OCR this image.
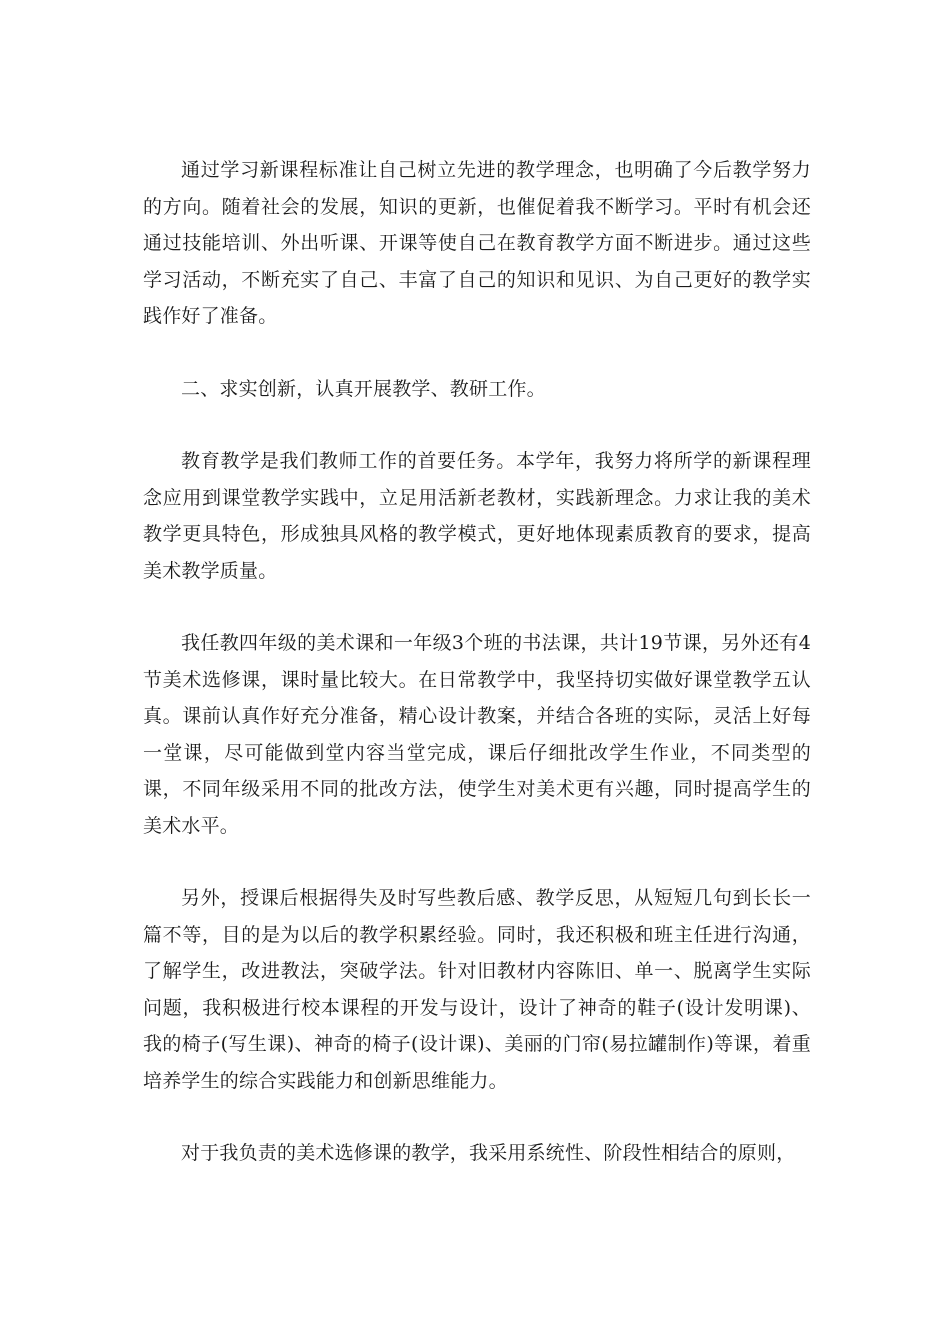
通过学习新课程标准让自己树立先进的教学理念，也明确了今后教学努力的方向。随着社会的发展，知识的更新，也催促着我不断学习。平时有机会还通过技能培训、外出听课、开课等使自己在教育教学方面不断进步。通过这些学习活动，不断充实了自己、丰富了自己的知识和见识、为自己更好的教学实践作好了准备。

二、求实创新，认真开展教学、教研工作。

教育教学是我们教师工作的首要任务。本学年，我努力将所学的新课程理念应用到课堂教学实践中，立足用活新老教材，实践新理念。力求让我的美术教学更具特色，形成独具风格的教学模式，更好地体现素质教育的要求，提高美术教学质量。

我任教四年级的美术课和一年级3个班的书法课，共计19节课，另外还有4节美术选修课，课时量比较大。在日常教学中，我坚持切实做好课堂教学五认真。课前认真作好充分准备，精心设计教案，并结合各班的实际，灵活上好每一堂课，尽可能做到堂内容当堂完成，课后仔细批改学生作业，不同类型的课，不同年级采用不同的批改方法，使学生对美术更有兴趣，同时提高学生的美术水平。

另外，授课后根据得失及时写些教后感、教学反思，从短短几句到长长一篇不等，目的是为以后的教学积累经验。同时，我还积极和班主任进行沟通，了解学生，改进教法，突破学法。针对旧教材内容陈旧、单一、脱离学生实际问题，我积极进行校本课程的开发与设计，设计了神奇的鞋子(设计发明课)、我的椅子(写生课)、神奇的椅子(设计课)、美丽的门帘(易拉罐制作)等课，着重培养学生的综合实践能力和创新思维能力。

对于我负责的美术选修课的教学，我采用系统性、阶段性相结合的原则，
